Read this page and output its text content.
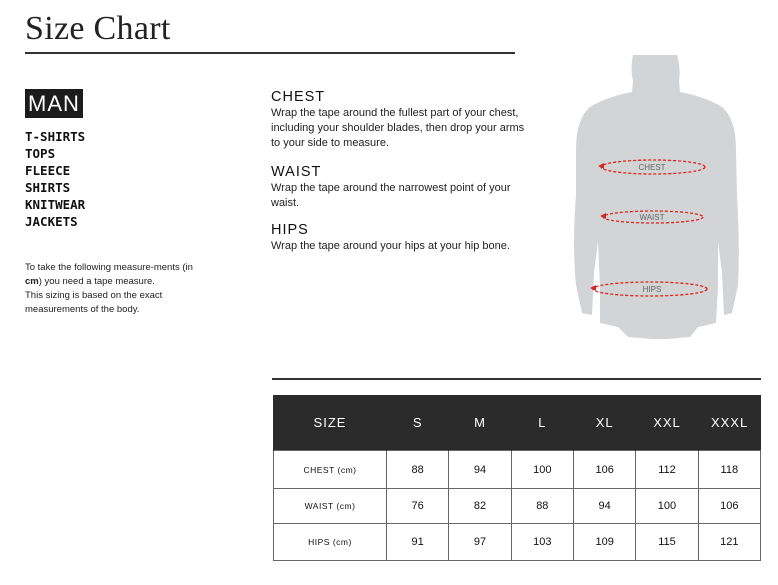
Size Chart
MAN
T-SHIRTS
TOPS
FLEECE
SHIRTS
KNITWEAR
JACKETS
To take the following measure-ments (in cm) you need a tape measure.
This sizing is based on the exact measurements of the body.
CHEST

Wrap the tape around the fullest part of your chest, including your shoulder blades, then drop your arms to your side to measure.

WAIST

Wrap the tape around the narrowest point of your waist.

HIPS

Wrap the tape around your hips at your hip bone.

CHEST
WAIST
HIPS
SIZE	S	M	L	XL	XXL	XXXL
CHEST (cm)	88	94	100	106	112	118
WAIST (cm)	76	82	88	94	100	106
HIPS (cm)	91	97	103	109	115	121
